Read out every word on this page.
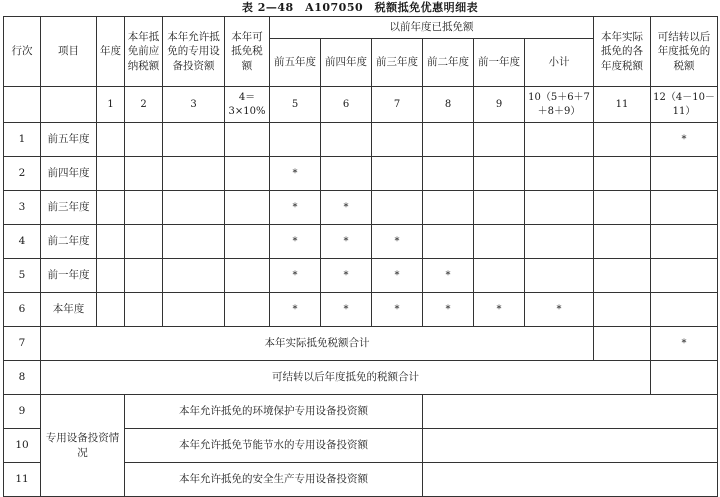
表 2—48　A107050　税额抵免优惠明细表
行次	项目	年度	本年抵免前应纳税额	本年允许抵免的专用设备投资额	本年可抵免税额	以前年度已抵免额						本年实际抵免的各年度税额	可结转以后年度抵免的税额
						前五年度	前四年度	前三年度	前二年度	前一年度	小计		
		1	2	3	4＝3×10%	5	6	7	8	9	10（5＋6＋7＋8＋9）	11	12（4－10－11）
1	前五年度												*
2	前四年度					*							
3	前三年度					*	*						
4	前二年度					*	*	*					
5	前一年度					*	*	*	*				
6	本年度					*	*	*	*	*	*		
7	本年实际抵免税额合计												*
8	可结转以后年度抵免的税额合计												
9	专用设备投资情况		本年允许抵免的环境保护专用设备投资额										
10			本年允许抵免节能节水的专用设备投资额										
11			本年允许抵免的安全生产专用设备投资额										
